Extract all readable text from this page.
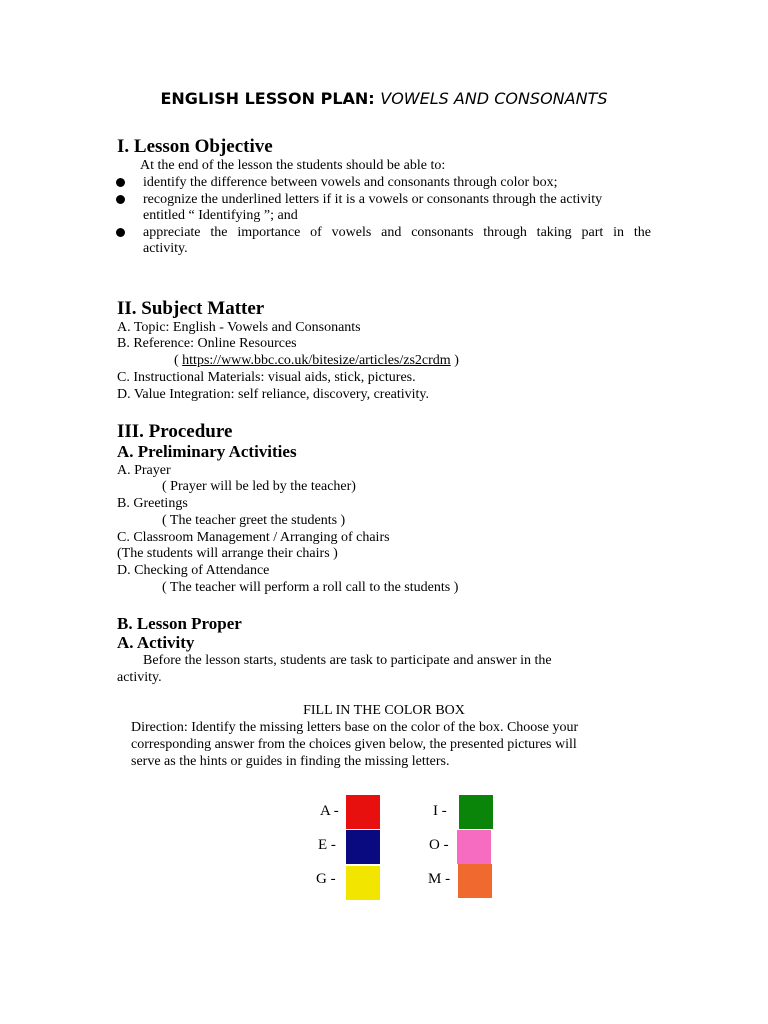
ENGLISH LESSON PLAN: VOWELS AND CONSONANTS
I. Lesson Objective
At the end of the lesson the students should be able to:
identify the difference between vowels and consonants through color box;
recognize the underlined letters if it is a vowels or consonants through the activity
entitled “ Identifying ”; and
appreciate the importance of vowels and consonants through taking part in the
activity.
II. Subject Matter
A. Topic: English - Vowels and Consonants
B. Reference: Online Resources
( https://www.bbc.co.uk/bitesize/articles/zs2crdm )
C. Instructional Materials: visual aids, stick, pictures.
D. Value Integration: self reliance, discovery, creativity.
III. Procedure
A. Preliminary Activities
A. Prayer
( Prayer will be led by the teacher)
B. Greetings
( The teacher greet the students )
C. Classroom Management / Arranging of chairs
(The students will arrange their chairs )
D. Checking of Attendance
( The teacher will perform a roll call to the students )
B. Lesson Proper
A. Activity
Before the lesson starts, students are task to participate and answer in the
activity.
FILL IN THE COLOR BOX
Direction: Identify the missing letters base on the color of the box. Choose your
corresponding answer from the choices given below, the presented pictures will
serve as the hints or guides in finding the missing letters.
A -
E -
G -
I -
O -
M -
